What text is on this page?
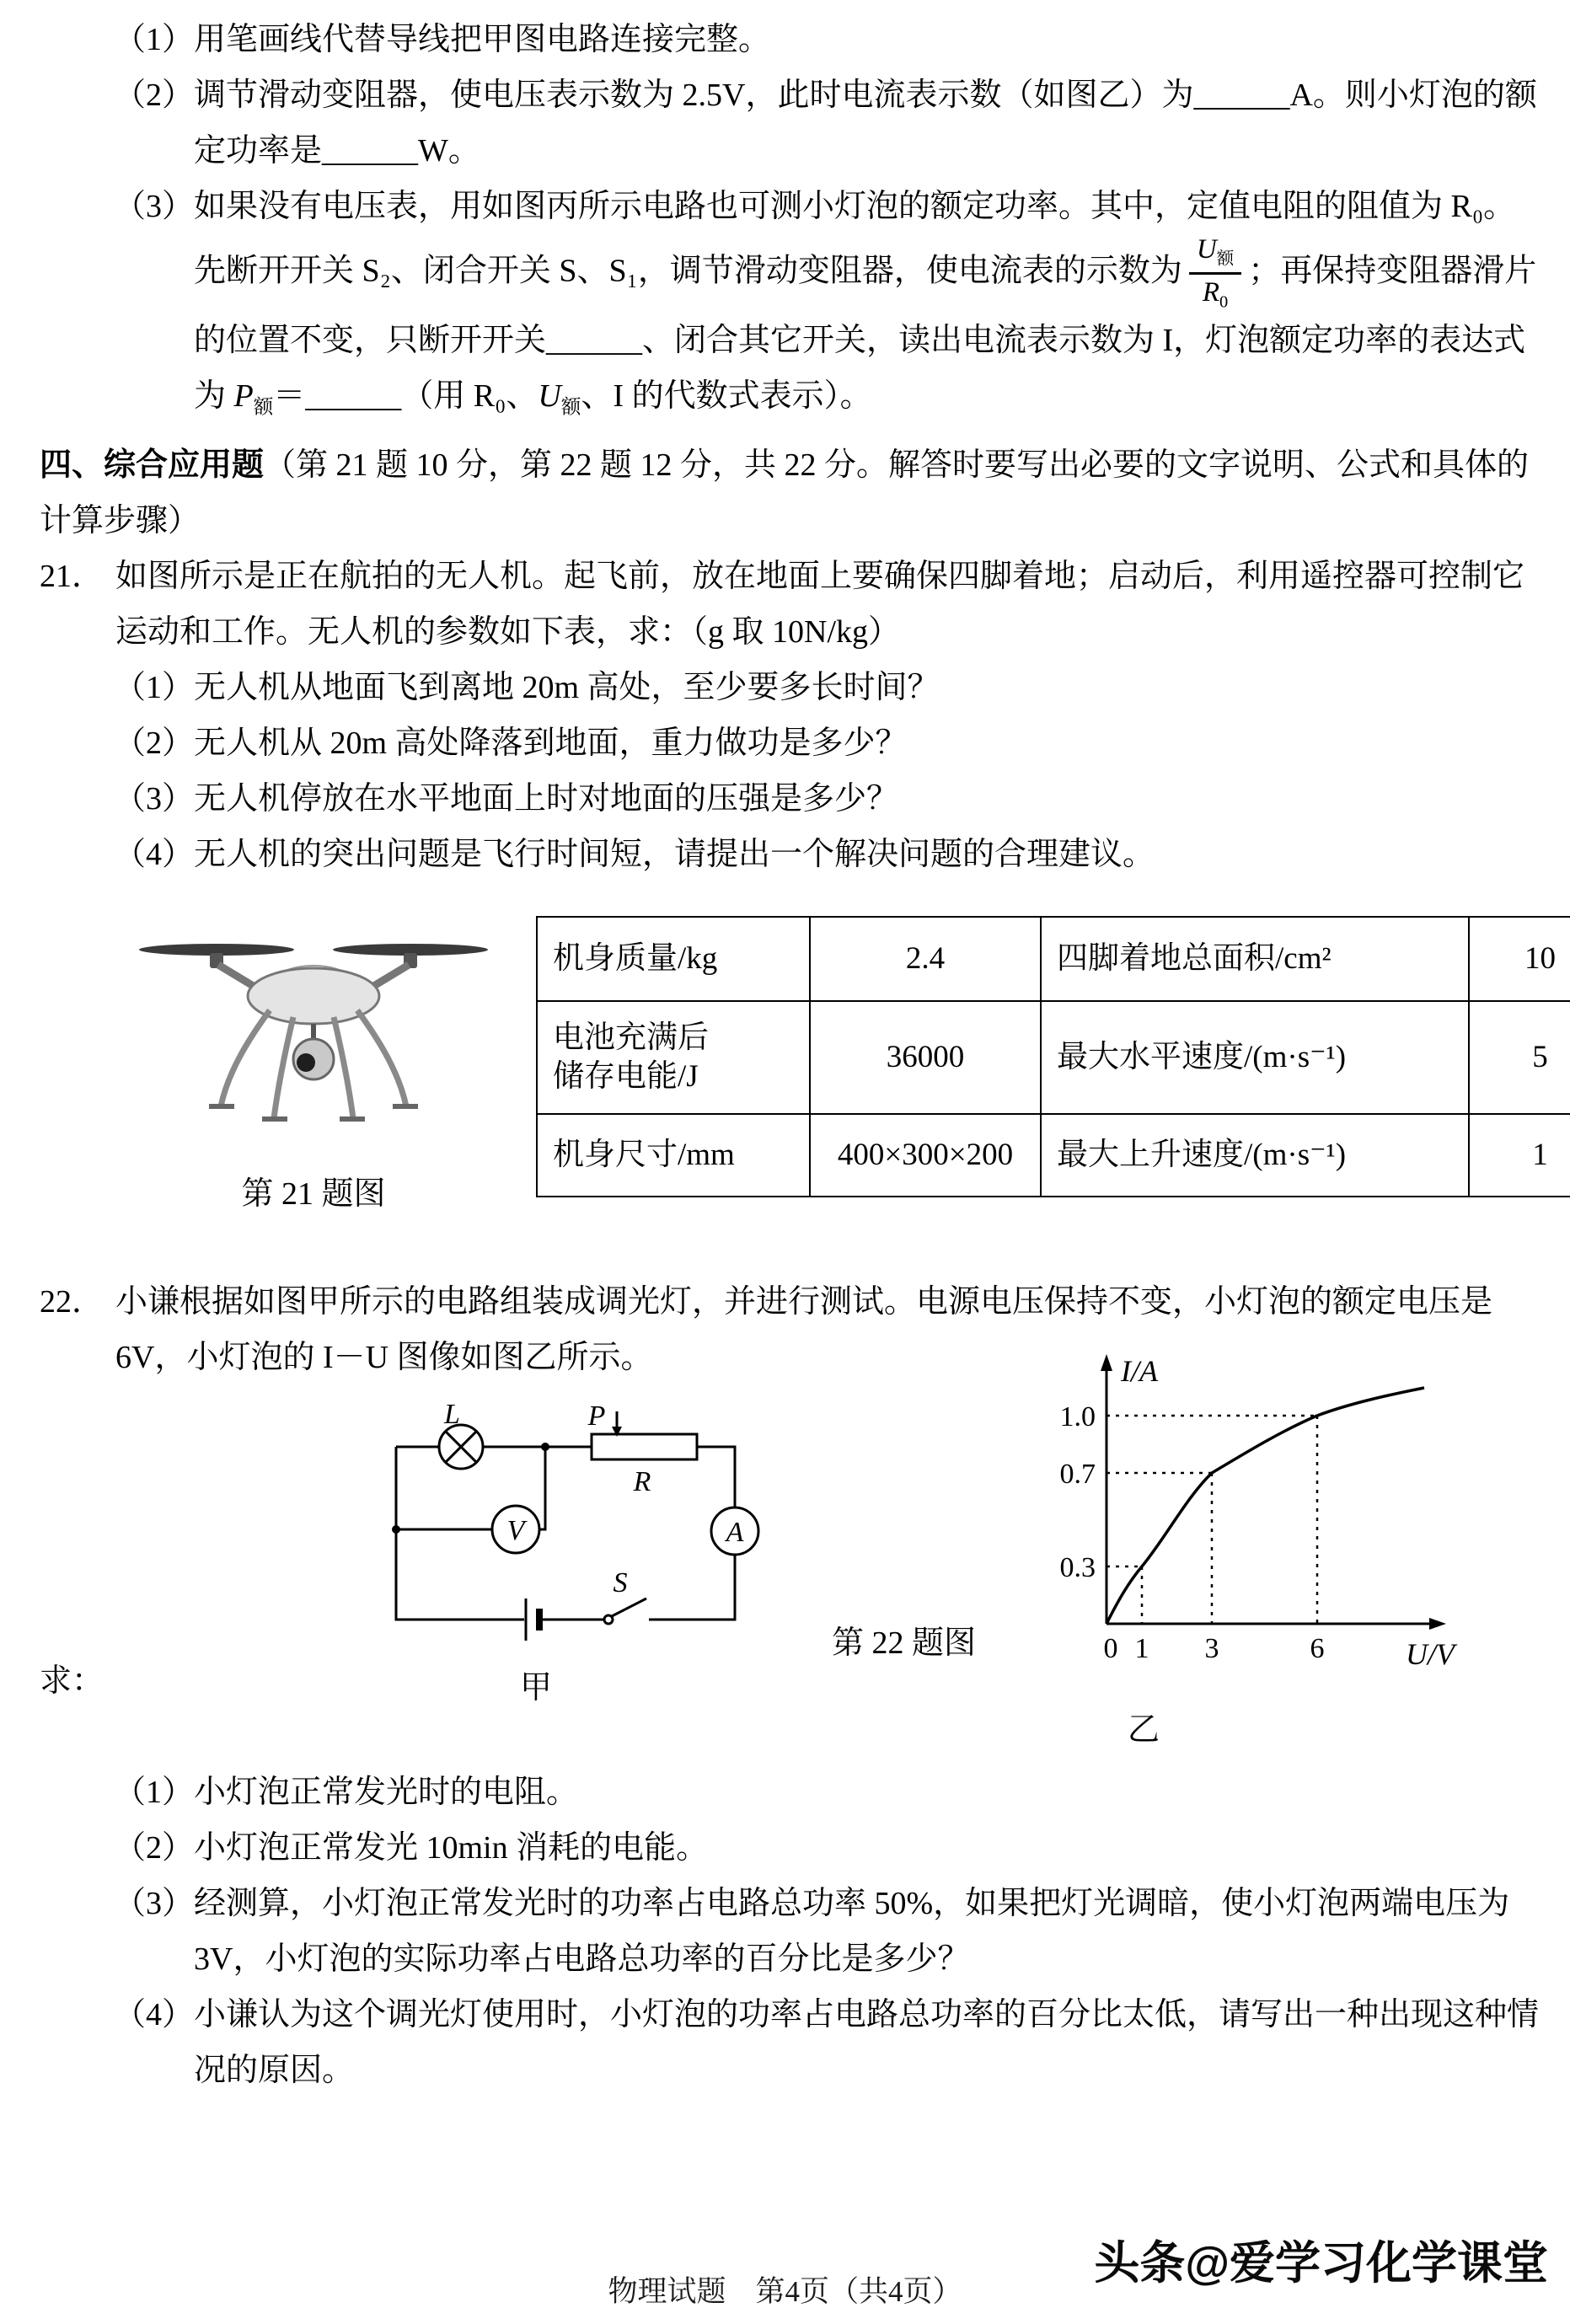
（1）用笔画线代替导线把甲图电路连接完整。
（2）调节滑动变阻器，使电压表示数为 2.5V，此时电流表示数（如图乙）为______A。则小灯泡的额定功率是______W。
（3）如果没有电压表，用如图丙所示电路也可测小灯泡的额定功率。其中，定值电阻的阻值为 R₀。先断开开关 S₂、闭合开关 S、S₁，调节滑动变阻器，使电流表的示数为 $\frac{U_额}{R_0}$ ；再保持变阻器滑片的位置不变，只断开开关______、闭合其它开关，读出电流表示数为 I，灯泡额定功率的表达式为 $P_额=\_\_\_\_\_\_$（用 R₀、$U_额$、I 的代数式表示）。
四、综合应用题（第 21 题 10 分，第 22 题 12 分，共 22 分。解答时要写出必要的文字说明、公式和具体的计算步骤）
21． 如图所示是正在航拍的无人机。起飞前，放在地面上要确保四脚着地；启动后，利用遥控器可控制它运动和工作。无人机的参数如下表，求：（g 取 10N/kg）
（1）无人机从地面飞到离地 20m 高处，至少要多长时间？
（2）无人机从 20m 高处降落到地面，重力做功是多少？
（3）无人机停放在水平地面上时对地面的压强是多少？
（4）无人机的突出问题是飞行时间短，请提出一个解决问题的合理建议。
第 21 题图
机身质量/kg	2.4	四脚着地总面积/cm²	10

电池充满后
储存电能/J	36000	最大水平速度/(m·s⁻¹)	5
机身尺寸/mm	400×300×200	最大上升速度/(m·s⁻¹)	1
22． 小谦根据如图甲所示的电路组装成调光灯，并进行测试。电源电压保持不变，小灯泡的额定电压是 6V，小灯泡的 I－U 图像如图乙所示。
L	P
R
V	A
S
甲
第 22 题图
1.0
0.7
0.3
0 1 3	6
I/A
U/V
乙
求：
（1）小灯泡正常发光时的电阻。
（2）小灯泡正常发光 10min 消耗的电能。
（3）经测算，小灯泡正常发光时的功率占电路总功率 50%，如果把灯光调暗，使小灯泡两端电压为 3V，小灯泡的实际功率占电路总功率的百分比是多少？
（4）小谦认为这个调光灯使用时，小灯泡的功率占电路总功率的百分比太低，请写出一种出现这种情况的原因。
头条@爱学习化学课堂
物理试题　第4页（共4页）
